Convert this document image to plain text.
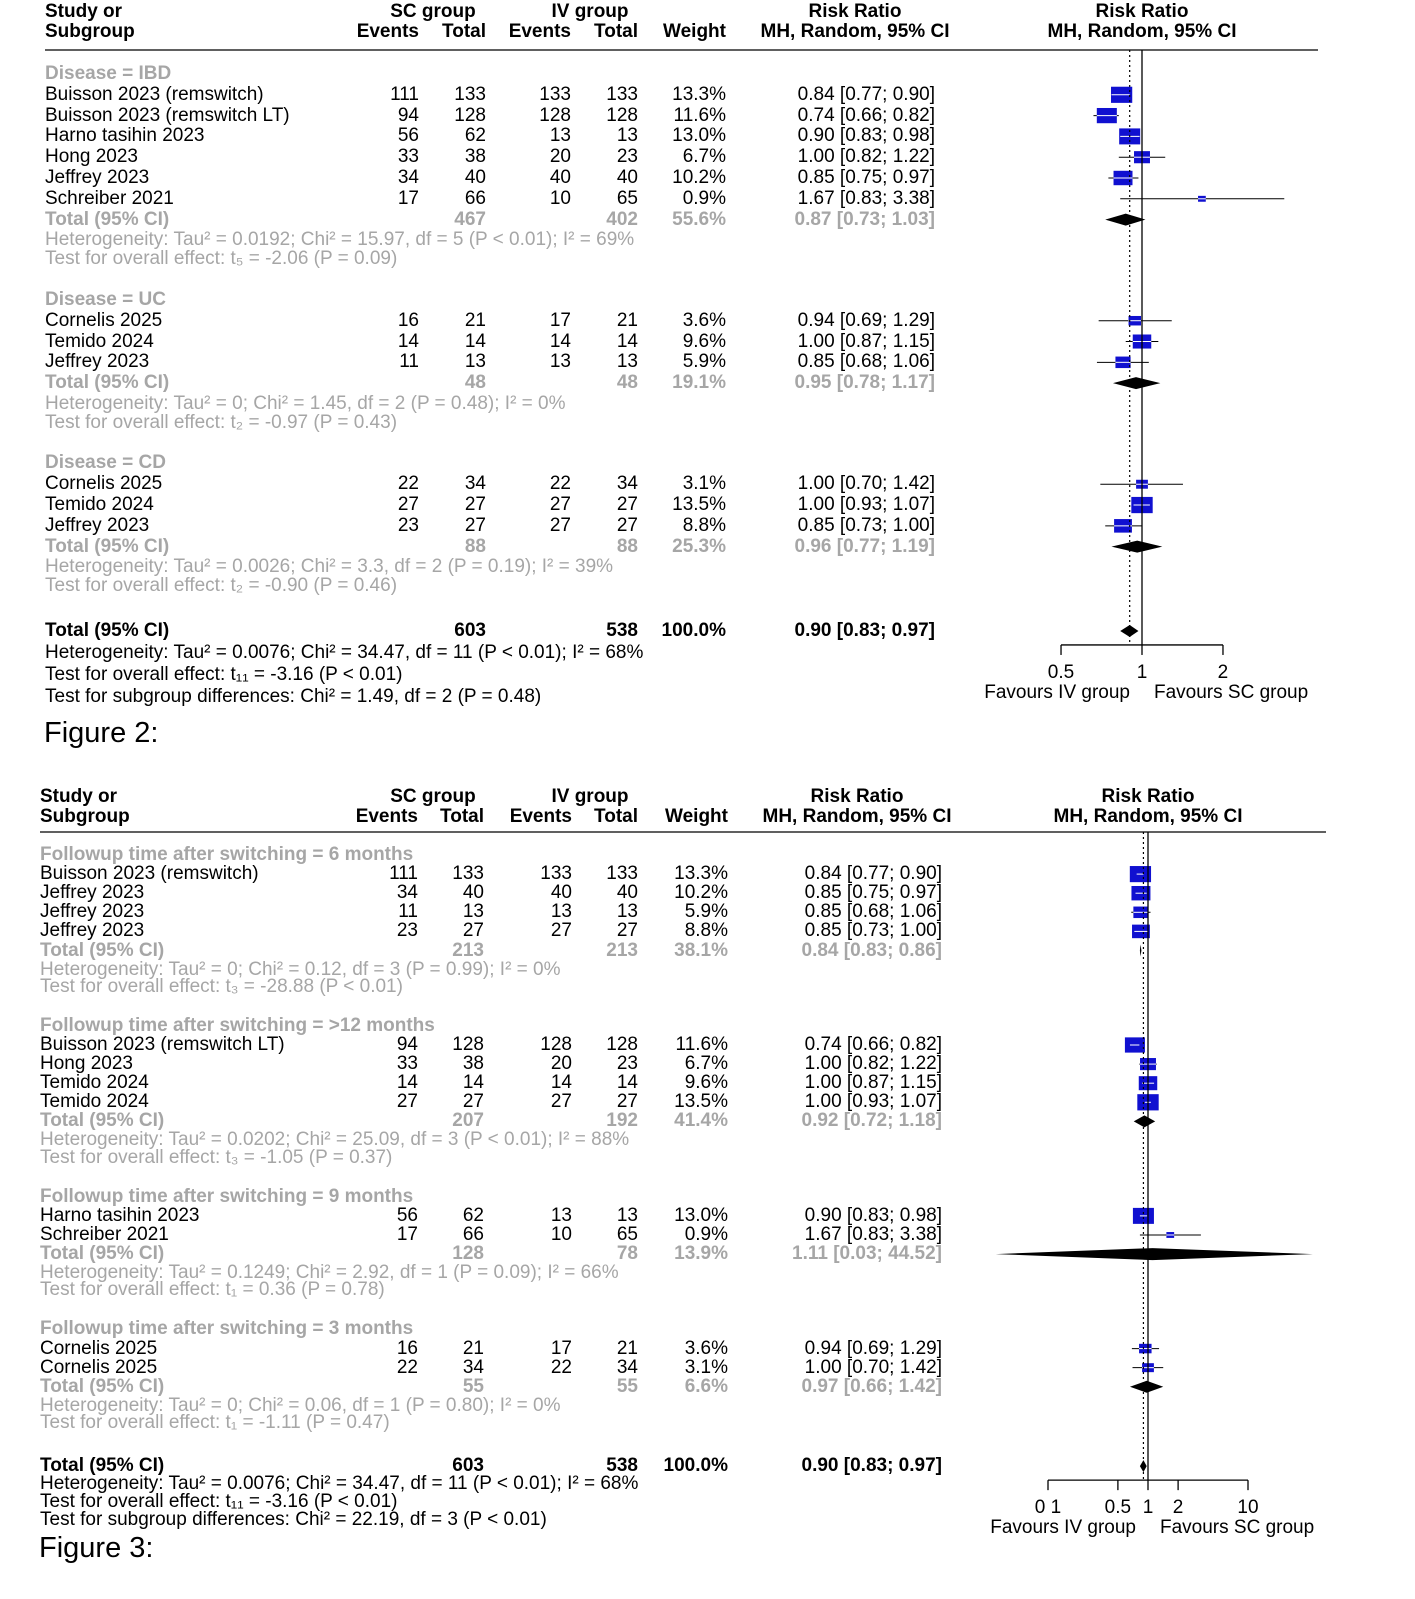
Study or
Subgroup
SC group	IV group
Events Total Events Total Weight
Risk Ratio
MH, Random, 95% CI
Risk Ratio
MH, Random, 95% CI
Disease = IBD
Buisson 2023 (remswitch)	111 133	133 133 13.3%	0.84 [0.77; 0.90]
Buisson 2023 (remswitch LT)	94 128	128 128 11.6%	0.74 [0.66; 0.82]
Harno tasihin 2023	56 62	13 13 13.0%	0.90 [0.83; 0.98]
Hong 2023	33 38	20 23 6.7%	1.00 [0.82; 1.22]
Jeffrey 2023	34 40	40 40 10.2%	0.85 [0.75; 0.97]
Schreiber 2021	17 66	10 65 0.9%	1.67 [0.83; 3.38]
Total (95% CI)	467	402 55.6%	0.87 [0.73; 1.03]
Heterogeneity: Tau² = 0.0192; Chi² = 15.97, df = 5 (P < 0.01); I² = 69%
Test for overall effect: t₅ = -2.06 (P = 0.09)
Disease = UC
Cornelis 2025	16 21	17 21 3.6%	0.94 [0.69; 1.29]
Temido 2024	14 14	14 14 9.6%	1.00 [0.87; 1.15]
Jeffrey 2023	11 13	13 13 5.9%	0.85 [0.68; 1.06]
Total (95% CI)	48	48 19.1%	0.95 [0.78; 1.17]
Heterogeneity: Tau² = 0; Chi² = 1.45, df = 2 (P = 0.48); I² = 0%
Test for overall effect: t₂ = -0.97 (P = 0.43)
Disease = CD
Cornelis 2025	22 34	22 34 3.1%	1.00 [0.70; 1.42]
Temido 2024	27 27	27 27 13.5%	1.00 [0.93; 1.07]
Jeffrey 2023	23 27	27 27 8.8%	0.85 [0.73; 1.00]
Total (95% CI)	88	88 25.3%	0.96 [0.77; 1.19]
Heterogeneity: Tau² = 0.0026; Chi² = 3.3, df = 2 (P = 0.19); I² = 39%
Test for overall effect: t₂ = -0.90 (P = 0.46)
Total (95% CI)	603	538 100.0%	0.90 [0.83; 0.97]
0.5	1	2
Favours IV group Favours SC group
Heterogeneity: Tau² = 0.0076; Chi² = 34.47, df = 11 (P < 0.01); I² = 68%
Test for overall effect: t₁₁ = -3.16 (P < 0.01)
Test for subgroup differences: Chi² = 1.49, df = 2 (P = 0.48)
Figure 2:
Study or
Subgroup
SC group	IV group
Events Total Events Total Weight
Risk Ratio
MH, Random, 95% CI
Risk Ratio
MH, Random, 95% CI
Followup time after switching = 6 months
Buisson 2023 (remswitch)	111 133	133 133 13.3%	0.84 [0.77; 0.90]
Jeffrey 2023	34 40	40 40 10.2%	0.85 [0.75; 0.97]
Jeffrey 2023	11 13	13 13 5.9%	0.85 [0.68; 1.06]
Jeffrey 2023	23 27	27 27 8.8%	0.85 [0.73; 1.00]
Total (95% CI)	213	213 38.1%	0.84 [0.83; 0.86]
Heterogeneity: Tau² = 0; Chi² = 0.12, df = 3 (P = 0.99); I² = 0%
Test for overall effect: t₃ = -28.88 (P < 0.01)
Followup time after switching = >12 months
Buisson 2023 (remswitch LT)	94 128	128 128 11.6%	0.74 [0.66; 0.82]
Hong 2023	33 38	20 23 6.7%	1.00 [0.82; 1.22]
Temido 2024	14 14	14 14 9.6%	1.00 [0.87; 1.15]
Temido 2024	27 27	27 27 13.5%	1.00 [0.93; 1.07]
Total (95% CI)	207	192 41.4%	0.92 [0.72; 1.18]
Heterogeneity: Tau² = 0.0202; Chi² = 25.09, df = 3 (P < 0.01); I² = 88%
Test for overall effect: t₃ = -1.05 (P = 0.37)
Followup time after switching = 9 months
Harno tasihin 2023	56 62	13 13 13.0%	0.90 [0.83; 0.98]
Schreiber 2021	17 66	10 65 0.9%	1.67 [0.83; 3.38]
Total (95% CI)	128	78 13.9%	1.11 [0.03; 44.52]
Heterogeneity: Tau² = 0.1249; Chi² = 2.92, df = 1 (P = 0.09); I² = 66%
Test for overall effect: t₁ = 0.36 (P = 0.78)
Followup time after switching = 3 months
Cornelis 2025	16 21	17 21 3.6%	0.94 [0.69; 1.29]
Cornelis 2025	22 34	22 34 3.1%	1.00 [0.70; 1.42]
Total (95% CI)	55	55 6.6%	0.97 [0.66; 1.42]
Heterogeneity: Tau² = 0; Chi² = 0.06, df = 1 (P = 0.80); I² = 0%
Test for overall effect: t₁ = -1.11 (P = 0.47)
Total (95% CI)	603	538 100.0%	0.90 [0.83; 0.97]
0 1	0.5 1	2	10
Favours IV group Favours SC group
Heterogeneity: Tau² = 0.0076; Chi² = 34.47, df = 11 (P < 0.01); I² = 68%
Test for overall effect: t₁₁ = -3.16 (P < 0.01)
Test for subgroup differences: Chi² = 22.19, df = 3 (P < 0.01)
Figure 3:
